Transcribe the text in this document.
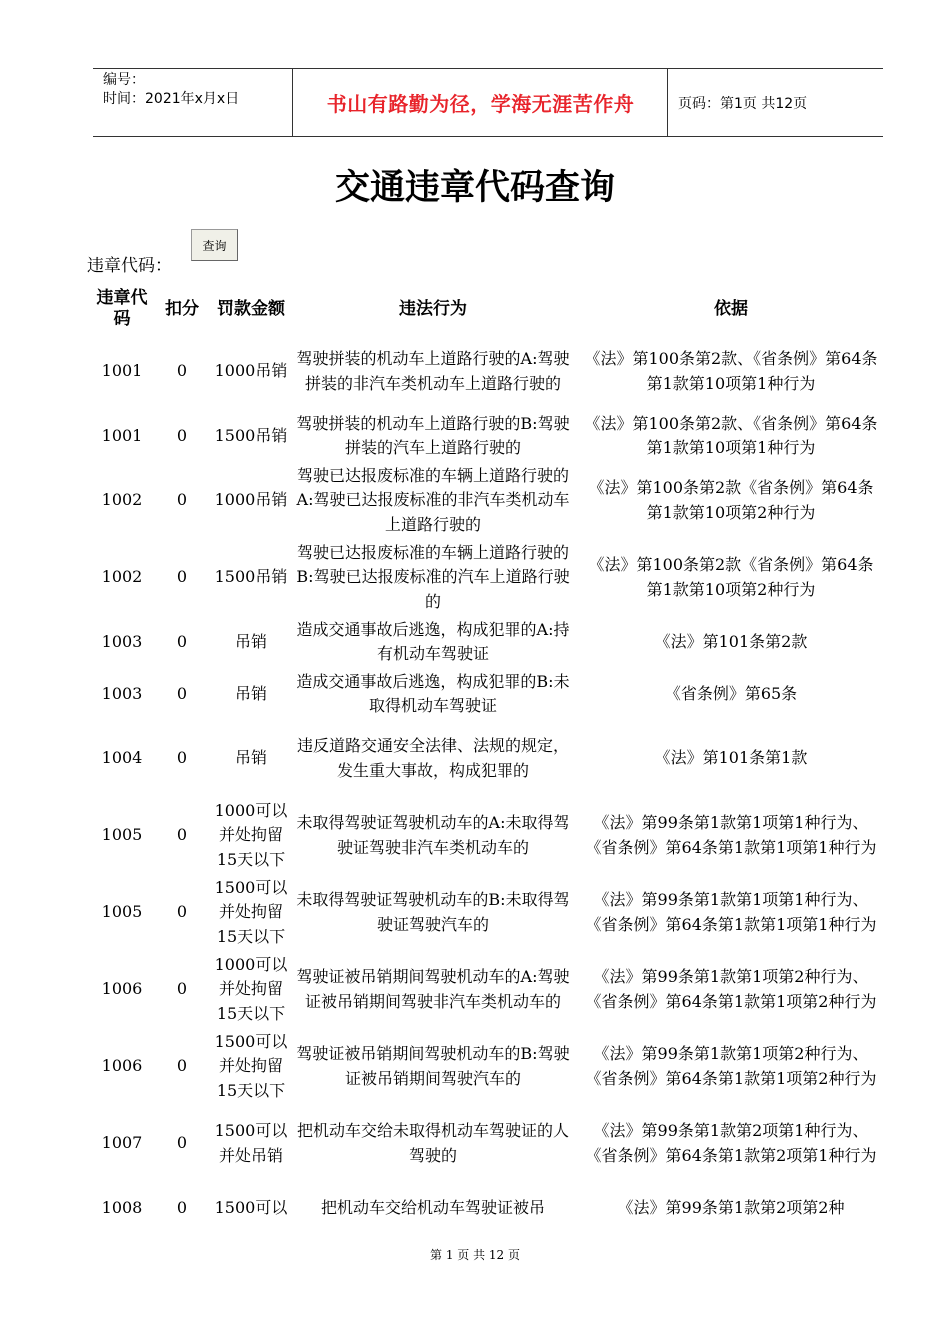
编号：
时间：2021年x月x日	书山有路勤为径，学海无涯苦作舟	页码：第1页 共12页
交通违章代码查询
违章代码：
查询
违章代码	扣分	罚款金额	违法行为	依据
1001	0	1000吊销	驾驶拼装的机动车上道路行驶的A:驾驶拼装的非汽车类机动车上道路行驶的	《法》第100条第2款、《省条例》第64条第1款第10项第1种行为
1001	0	1500吊销	驾驶拼装的机动车上道路行驶的B:驾驶拼装的汽车上道路行驶的	《法》第100条第2款、《省条例》第64条第1款第10项第1种行为
1002	0	1000吊销	驾驶已达报废标准的车辆上道路行驶的A:驾驶已达报废标准的非汽车类机动车上道路行驶的	《法》第100条第2款《省条例》第64条第1款第10项第2种行为
1002	0	1500吊销	驾驶已达报废标准的车辆上道路行驶的B:驾驶已达报废标准的汽车上道路行驶的	《法》第100条第2款《省条例》第64条第1款第10项第2种行为
1003	0	吊销	造成交通事故后逃逸，构成犯罪的A:持有机动车驾驶证	《法》第101条第2款
1003	0	吊销	造成交通事故后逃逸，构成犯罪的B:未取得机动车驾驶证	《省条例》第65条
1004	0	吊销	违反道路交通安全法律、法规的规定，发生重大事故，构成犯罪的	《法》第101条第1款
1005	0	1000可以并处拘留15天以下	未取得驾驶证驾驶机动车的A:未取得驾驶证驾驶非汽车类机动车的	《法》第99条第1款第1项第1种行为、《省条例》第64条第1款第1项第1种行为
1005	0	1500可以并处拘留15天以下	未取得驾驶证驾驶机动车的B:未取得驾驶证驾驶汽车的	《法》第99条第1款第1项第1种行为、《省条例》第64条第1款第1项第1种行为
1006	0	1000可以并处拘留15天以下	驾驶证被吊销期间驾驶机动车的A:驾驶证被吊销期间驾驶非汽车类机动车的	《法》第99条第1款第1项第2种行为、《省条例》第64条第1款第1项第2种行为
1006	0	1500可以并处拘留15天以下	驾驶证被吊销期间驾驶机动车的B:驾驶证被吊销期间驾驶汽车的	《法》第99条第1款第1项第2种行为、《省条例》第64条第1款第1项第2种行为
1007	0	1500可以并处吊销	把机动车交给未取得机动车驾驶证的人驾驶的	《法》第99条第1款第2项第1种行为、《省条例》第64条第1款第2项第1种行为
1008	0	1500可以	把机动车交给机动车驾驶证被吊	《法》第99条第1款第2项第2种
第 1 页 共 12 页
